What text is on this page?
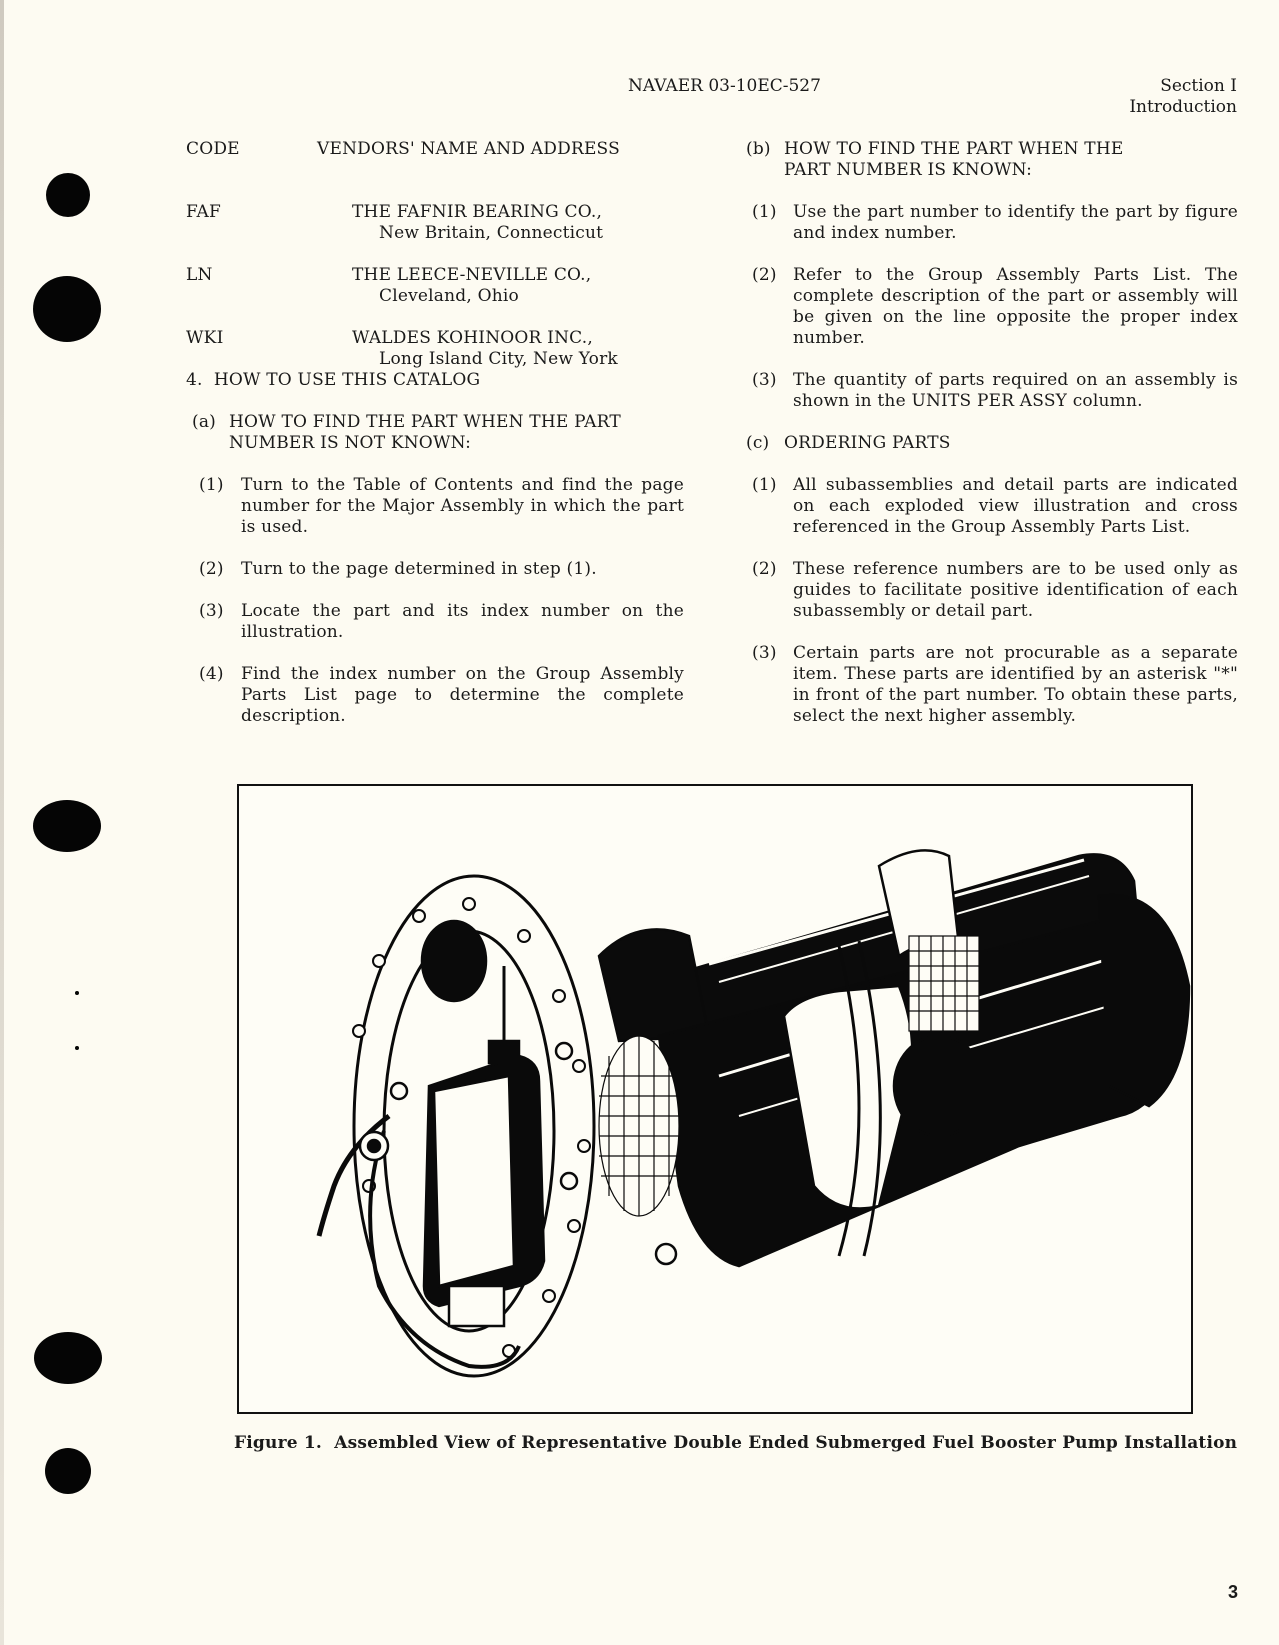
NAVAER 03-10EC-527	Section I
Introduction
CODE	VENDORS' NAME AND ADDRESS
FAF	THE FAFNIR BEARING CO.,
New Britain, Connecticut
LN	THE LEECE-NEVILLE CO.,
Cleveland, Ohio
WKI	WALDES KOHINOOR INC.,
Long Island City, New York
4.  HOW TO USE THIS CATALOG
(a) HOW TO FIND THE PART WHEN THE PART
NUMBER IS NOT KNOWN:
(1) Turn to the Table of Contents and find the page number for the Major Assembly in which the part is used.
(2) Turn to the page determined in step (1).
(3) Locate the part and its index number on the illustration.
(4) Find the index number on the Group Assembly Parts List page to determine the complete description.
(b) HOW TO FIND THE PART WHEN THE
PART NUMBER IS KNOWN:
(1) Use the part number to identify the part by figure and index number.
(2) Refer to the Group Assembly Parts List. The complete description of the part or assembly will be given on the line opposite the proper index number.
(3) The quantity of parts required on an assembly is shown in the UNITS PER ASSY column.
(c) ORDERING PARTS
(1) All subassemblies and detail parts are indicated on each exploded view illustration and cross referenced in the Group Assembly Parts List.
(2) These reference numbers are to be used only as guides to facilitate positive identification of each subassembly or detail part.
(3) Certain parts are not procurable as a separate item. These parts are identified by an asterisk "*" in front of the part number. To obtain these parts, select the next higher assembly.
Figure 1.  Assembled View of Representative Double Ended Submerged Fuel Booster Pump Installation
3
